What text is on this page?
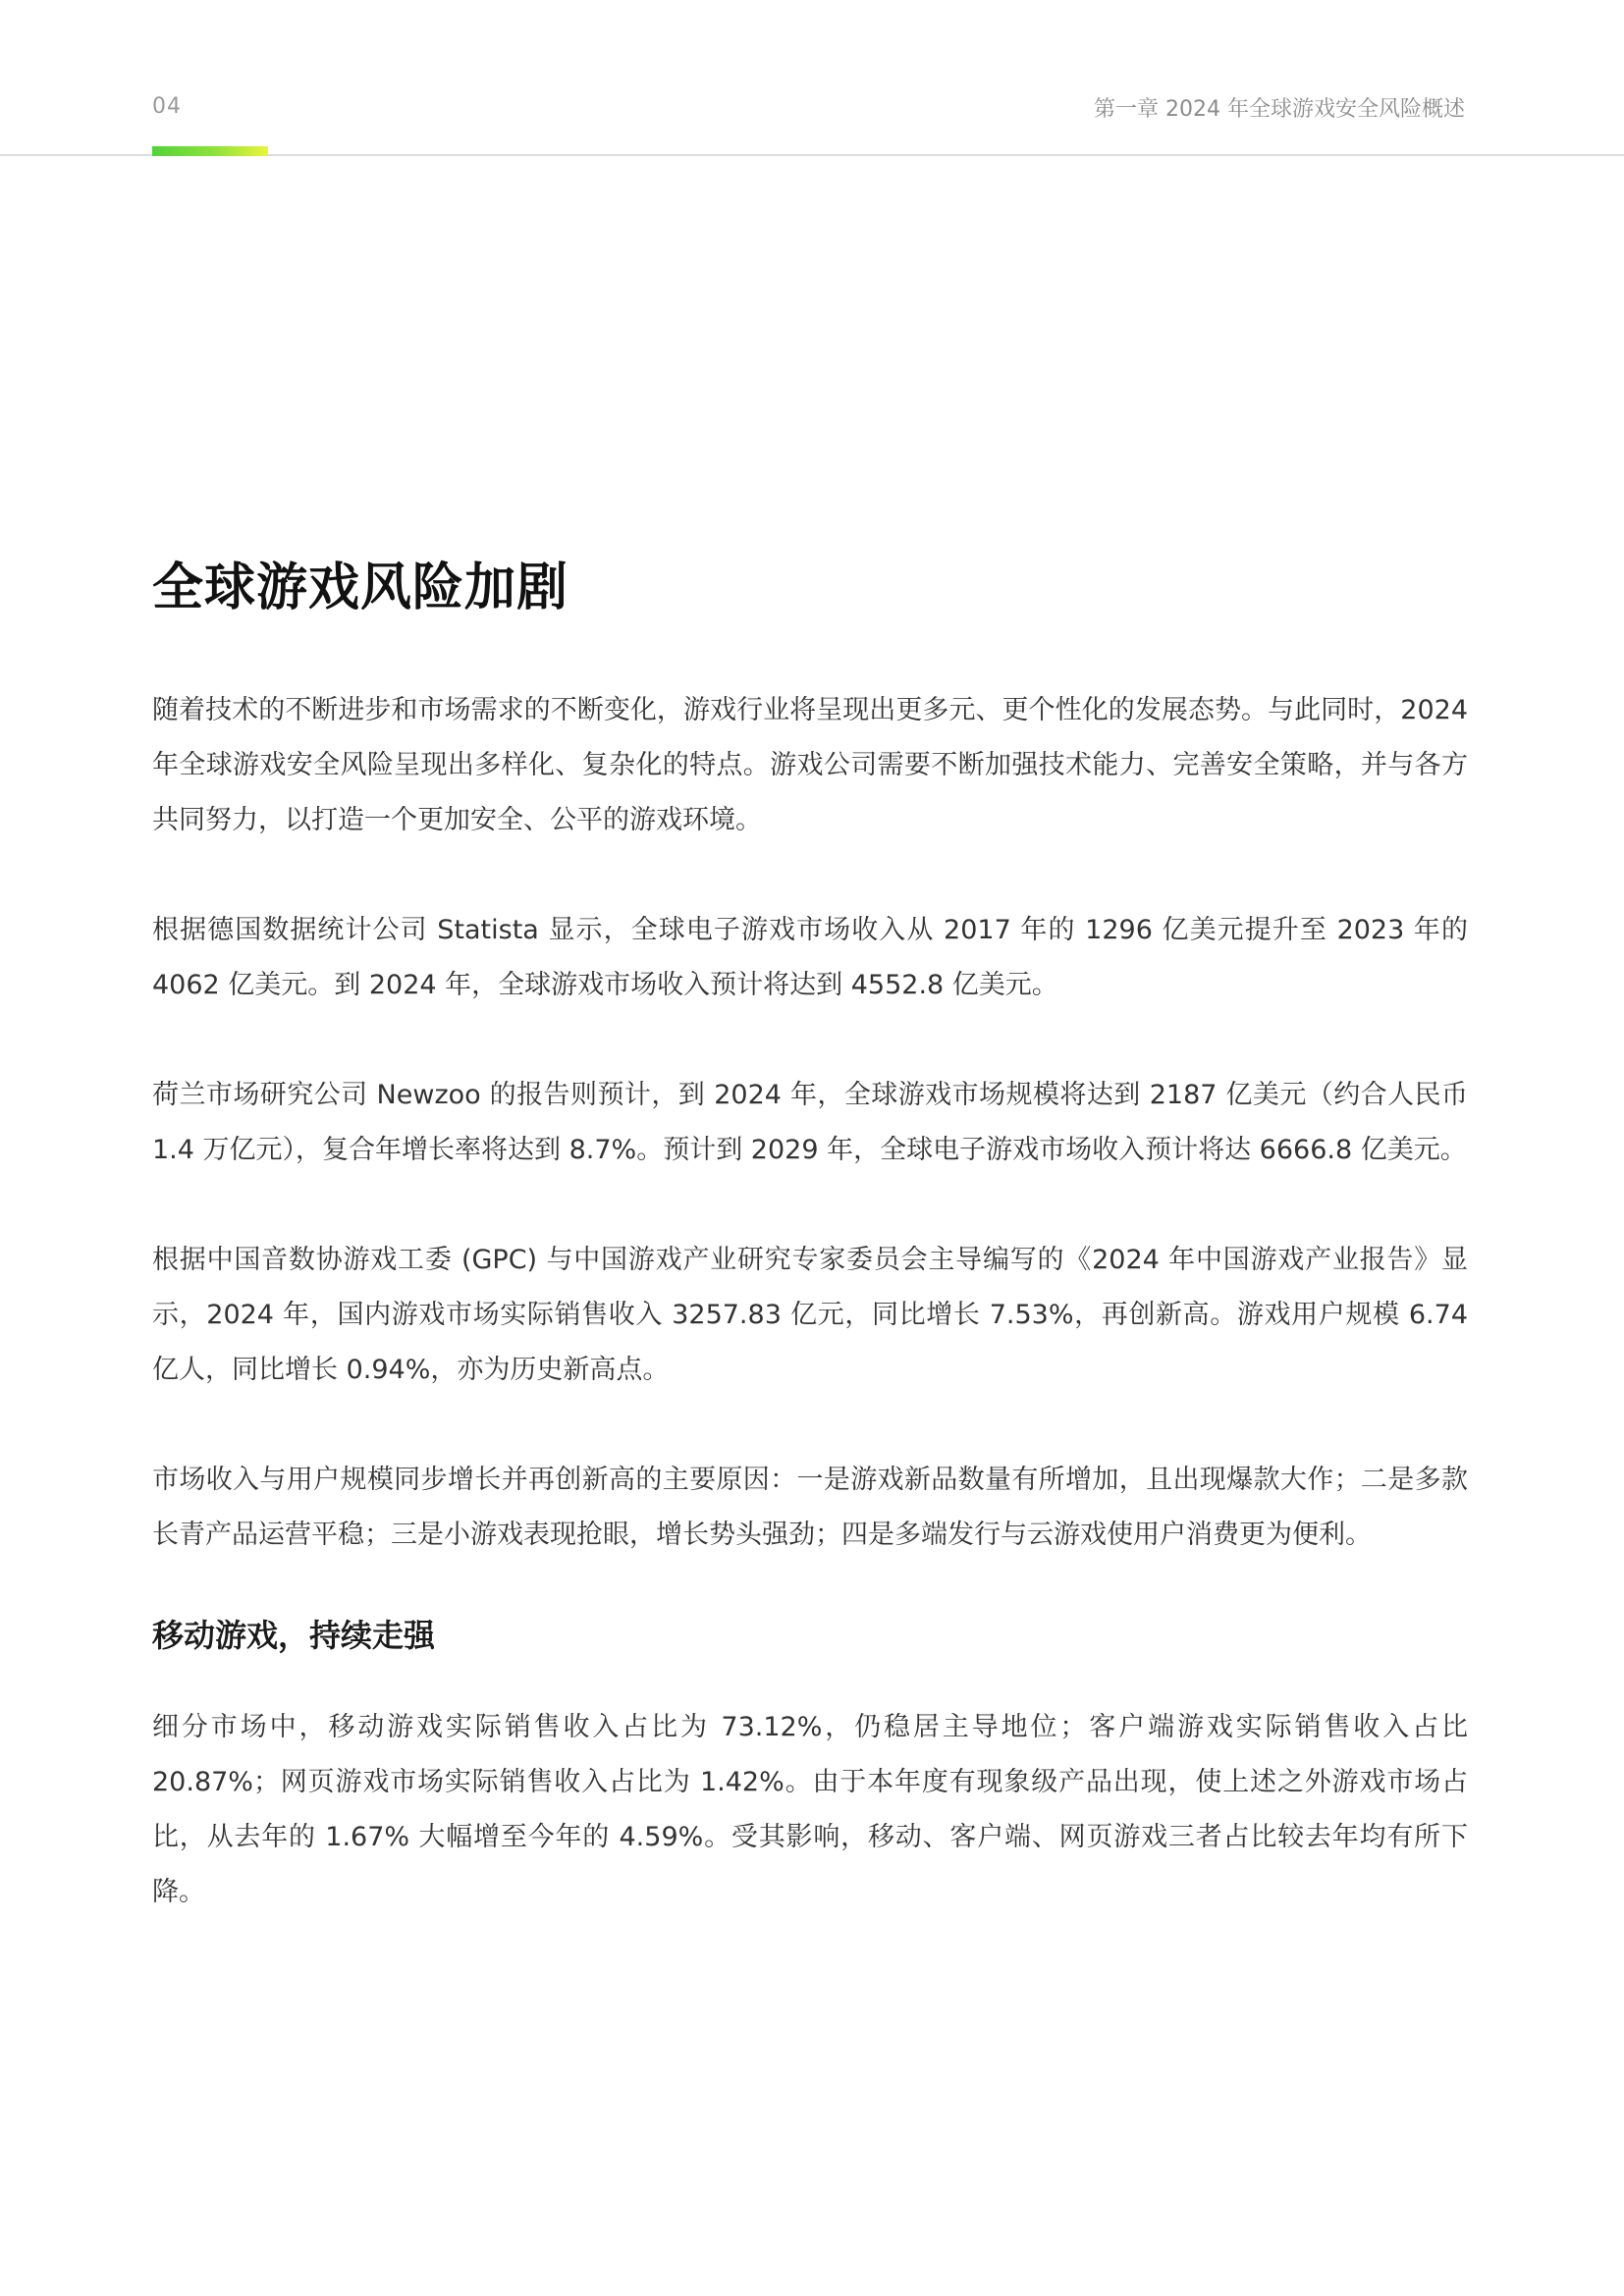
04	第一章 2024 年全球游戏安全风险概述
全球游戏风险加剧

随着技术的不断进步和市场需求的不断变化，游戏行业将呈现出更多元、更个性化的发展态势。与此同时，2024 年全球游戏安全风险呈现出多样化、复杂化的特点。游戏公司需要不断加强技术能力、完善安全策略，并与各方共同努力，以打造一个更加安全、公平的游戏环境。

根据德国数据统计公司 Statista 显示，全球电子游戏市场收入从 2017 年的 1296 亿美元提升至 2023 年的 4062 亿美元。到 2024 年，全球游戏市场收入预计将达到 4552.8 亿美元。

荷兰市场研究公司 Newzoo 的报告则预计，到 2024 年，全球游戏市场规模将达到 2187 亿美元（约合人民币 1.4 万亿元），复合年增长率将达到 8.7%。预计到 2029 年，全球电子游戏市场收入预计将达 6666.8 亿美元。

根据中国音数协游戏工委 (GPC) 与中国游戏产业研究专家委员会主导编写的《2024 年中国游戏产业报告》显示，2024 年，国内游戏市场实际销售收入 3257.83 亿元，同比增长 7.53%，再创新高。游戏用户规模 6.74 亿人，同比增长 0.94%，亦为历史新高点。

市场收入与用户规模同步增长并再创新高的主要原因：一是游戏新品数量有所增加，且出现爆款大作；二是多款长青产品运营平稳；三是小游戏表现抢眼，增长势头强劲；四是多端发行与云游戏使用户消费更为便利。

移动游戏，持续走强

细分市场中，移动游戏实际销售收入占比为 73.12%，仍稳居主导地位；客户端游戏实际销售收入占比 20.87%；网页游戏市场实际销售收入占比为 1.42%。由于本年度有现象级产品出现，使上述之外游戏市场占比，从去年的 1.67% 大幅增至今年的 4.59%。受其影响，移动、客户端、网页游戏三者占比较去年均有所下降。
